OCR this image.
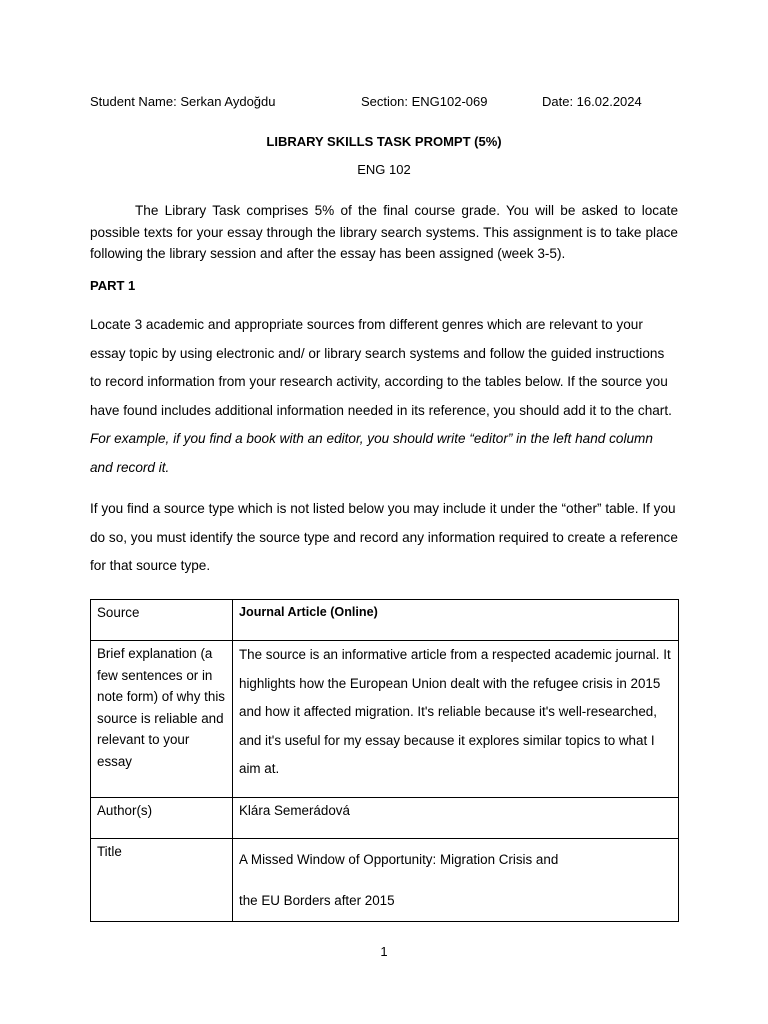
Student Name: Serkan Aydoğdu	Section: ENG102-069	Date: 16.02.2024
LIBRARY SKILLS TASK PROMPT (5%)
ENG 102

The Library Task comprises 5% of the final course grade. You will be asked to locate possible texts for your essay through the library search systems. This assignment is to take place following the library session and after the essay has been assigned (week 3-5).

PART 1

Locate 3 academic and appropriate sources from different genres which are relevant to your essay topic by using electronic and/ or library search systems and follow the guided instructions to record information from your research activity, according to the tables below. If the source you have found includes additional information needed in its reference, you should add it to the chart. For example, if you find a book with an editor, you should write “editor” in the left hand column and record it.

If you find a source type which is not listed below you may include it under the “other” table. If you do so, you must identify the source type and record any information required to create a reference for that source type.

Source	Journal Article (Online)
Brief explanation (a few sentences or in note form) of why this source is reliable and relevant to your essay	The source is an informative article from a respected academic journal. It highlights how the European Union dealt with the refugee crisis in 2015 and how it affected migration. It's reliable because it's well-researched, and it's useful for my essay because it explores similar topics to what I aim at.
Author(s)	Klára Semerádová
Title	A Missed Window of Opportunity: Migration Crisis and
the EU Borders after 2015
1
